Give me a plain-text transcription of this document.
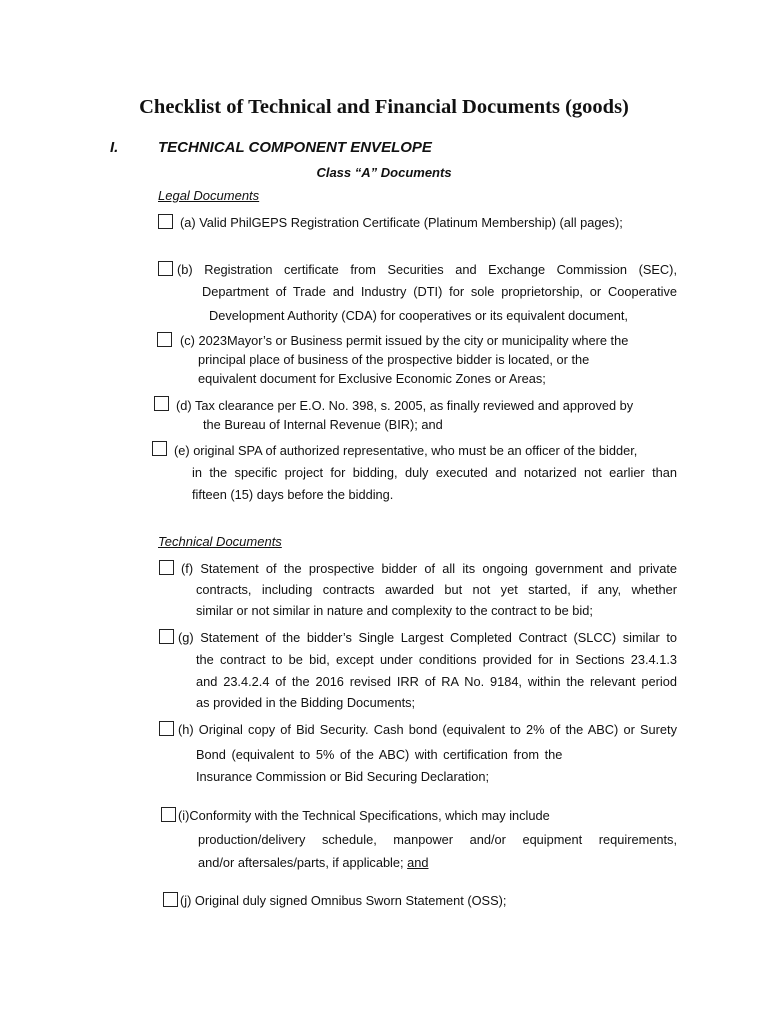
Checklist of Technical and Financial Documents (goods)
I.	TECHNICAL COMPONENT ENVELOPE
Class “A” Documents
Legal Documents
(a) Valid PhilGEPS Registration Certificate (Platinum Membership) (all pages);
(b) Registration certificate from Securities and Exchange Commission (SEC),
Department of Trade and Industry (DTI) for sole proprietorship, or Cooperative
Development Authority (CDA) for cooperatives or its equivalent document,
(c) 2023Mayor’s or Business permit issued by the city or municipality where the
principal place of business of the prospective bidder is located, or the
equivalent document for Exclusive Economic Zones or Areas;
(d) Tax clearance per E.O. No. 398, s. 2005, as finally reviewed and approved by
the Bureau of Internal Revenue (BIR); and
(e) original SPA of authorized representative, who must be an officer of the bidder,
in the specific project for bidding, duly executed and notarized not earlier than
fifteen (15) days before the bidding.
Technical Documents
(f) Statement of the prospective bidder of all its ongoing government and private
contracts, including contracts awarded but not yet started, if any, whether
similar or not similar in nature and complexity to the contract to be bid;
(g) Statement of the bidder’s Single Largest Completed Contract (SLCC) similar to
the contract to be bid, except under conditions provided for in Sections 23.4.1.3
and 23.4.2.4 of the 2016 revised IRR of RA No. 9184, within the relevant period
as provided in the Bidding Documents;
(h) Original copy of Bid Security. Cash bond (equivalent to 2% of the ABC) or Surety
Bond (equivalent to 5% of the ABC) with certification from the
Insurance Commission or Bid Securing Declaration;
(i)Conformity with the Technical Specifications, which may include
production/delivery schedule, manpower and/or equipment requirements,
and/or aftersales/parts, if applicable; and
(j) Original duly signed Omnibus Sworn Statement (OSS);
